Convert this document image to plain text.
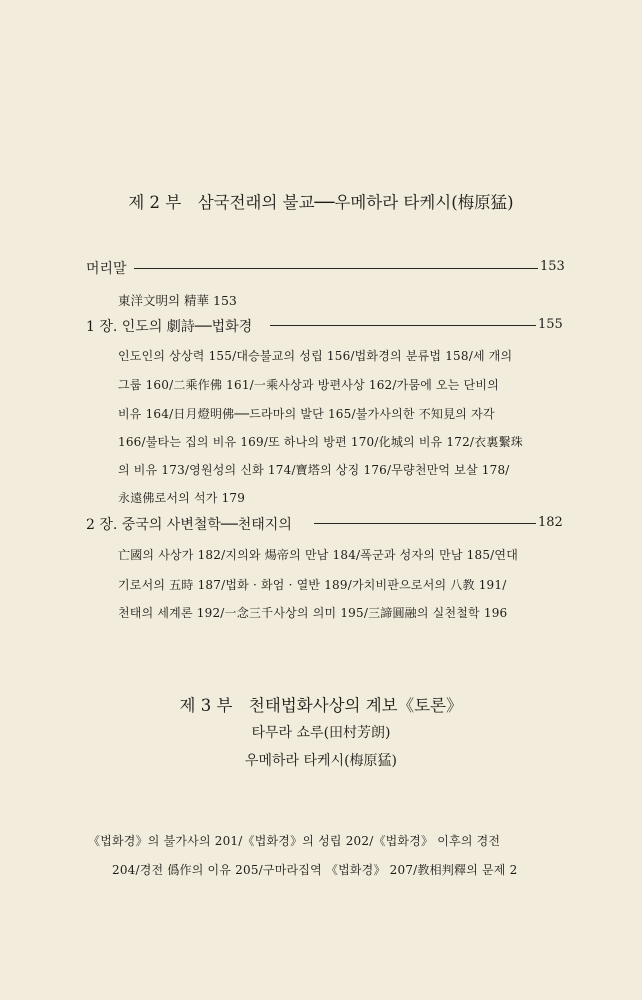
제 2 부　삼국전래의 불교──우메하라 타케시(梅原猛)
머리말	153
東洋文明의 精華 153
1 장. 인도의 劇詩──법화경	155
인도인의 상상력 155/대승불교의 성립 156/법화경의 분류법 158/세 개의
그룹 160/二乘作佛 161/一乘사상과 방편사상 162/가뭄에 오는 단비의
비유 164/日月燈明佛──드라마의 발단 165/불가사의한 不知見의 자각
166/불타는 집의 비유 169/또 하나의 방편 170/化城의 비유 172/衣裏繫珠
의 비유 173/영원성의 신화 174/寶塔의 상징 176/무량천만억 보살 178/
永遠佛로서의 석가 179
2 장. 중국의 사변철학──천태지의	182
亡國의 사상가 182/지의와 煬帝의 만남 184/폭군과 성자의 만남 185/연대
기로서의 五時 187/법화 · 화엄 · 열반 189/가치비판으로서의 八教 191/
천태의 세계론 192/一念三千사상의 의미 195/三諦圓融의 실천철학 196
제 3 부　천태법화사상의 계보《토론》
타무라 쇼루(田村芳朗)
우메하라 타케시(梅原猛)
《법화경》의 불가사의 201/《법화경》의 성립 202/《법화경》 이후의 경전
204/경전 僞作의 이유 205/구마라집역 《법화경》 207/教相判釋의 문제 2
